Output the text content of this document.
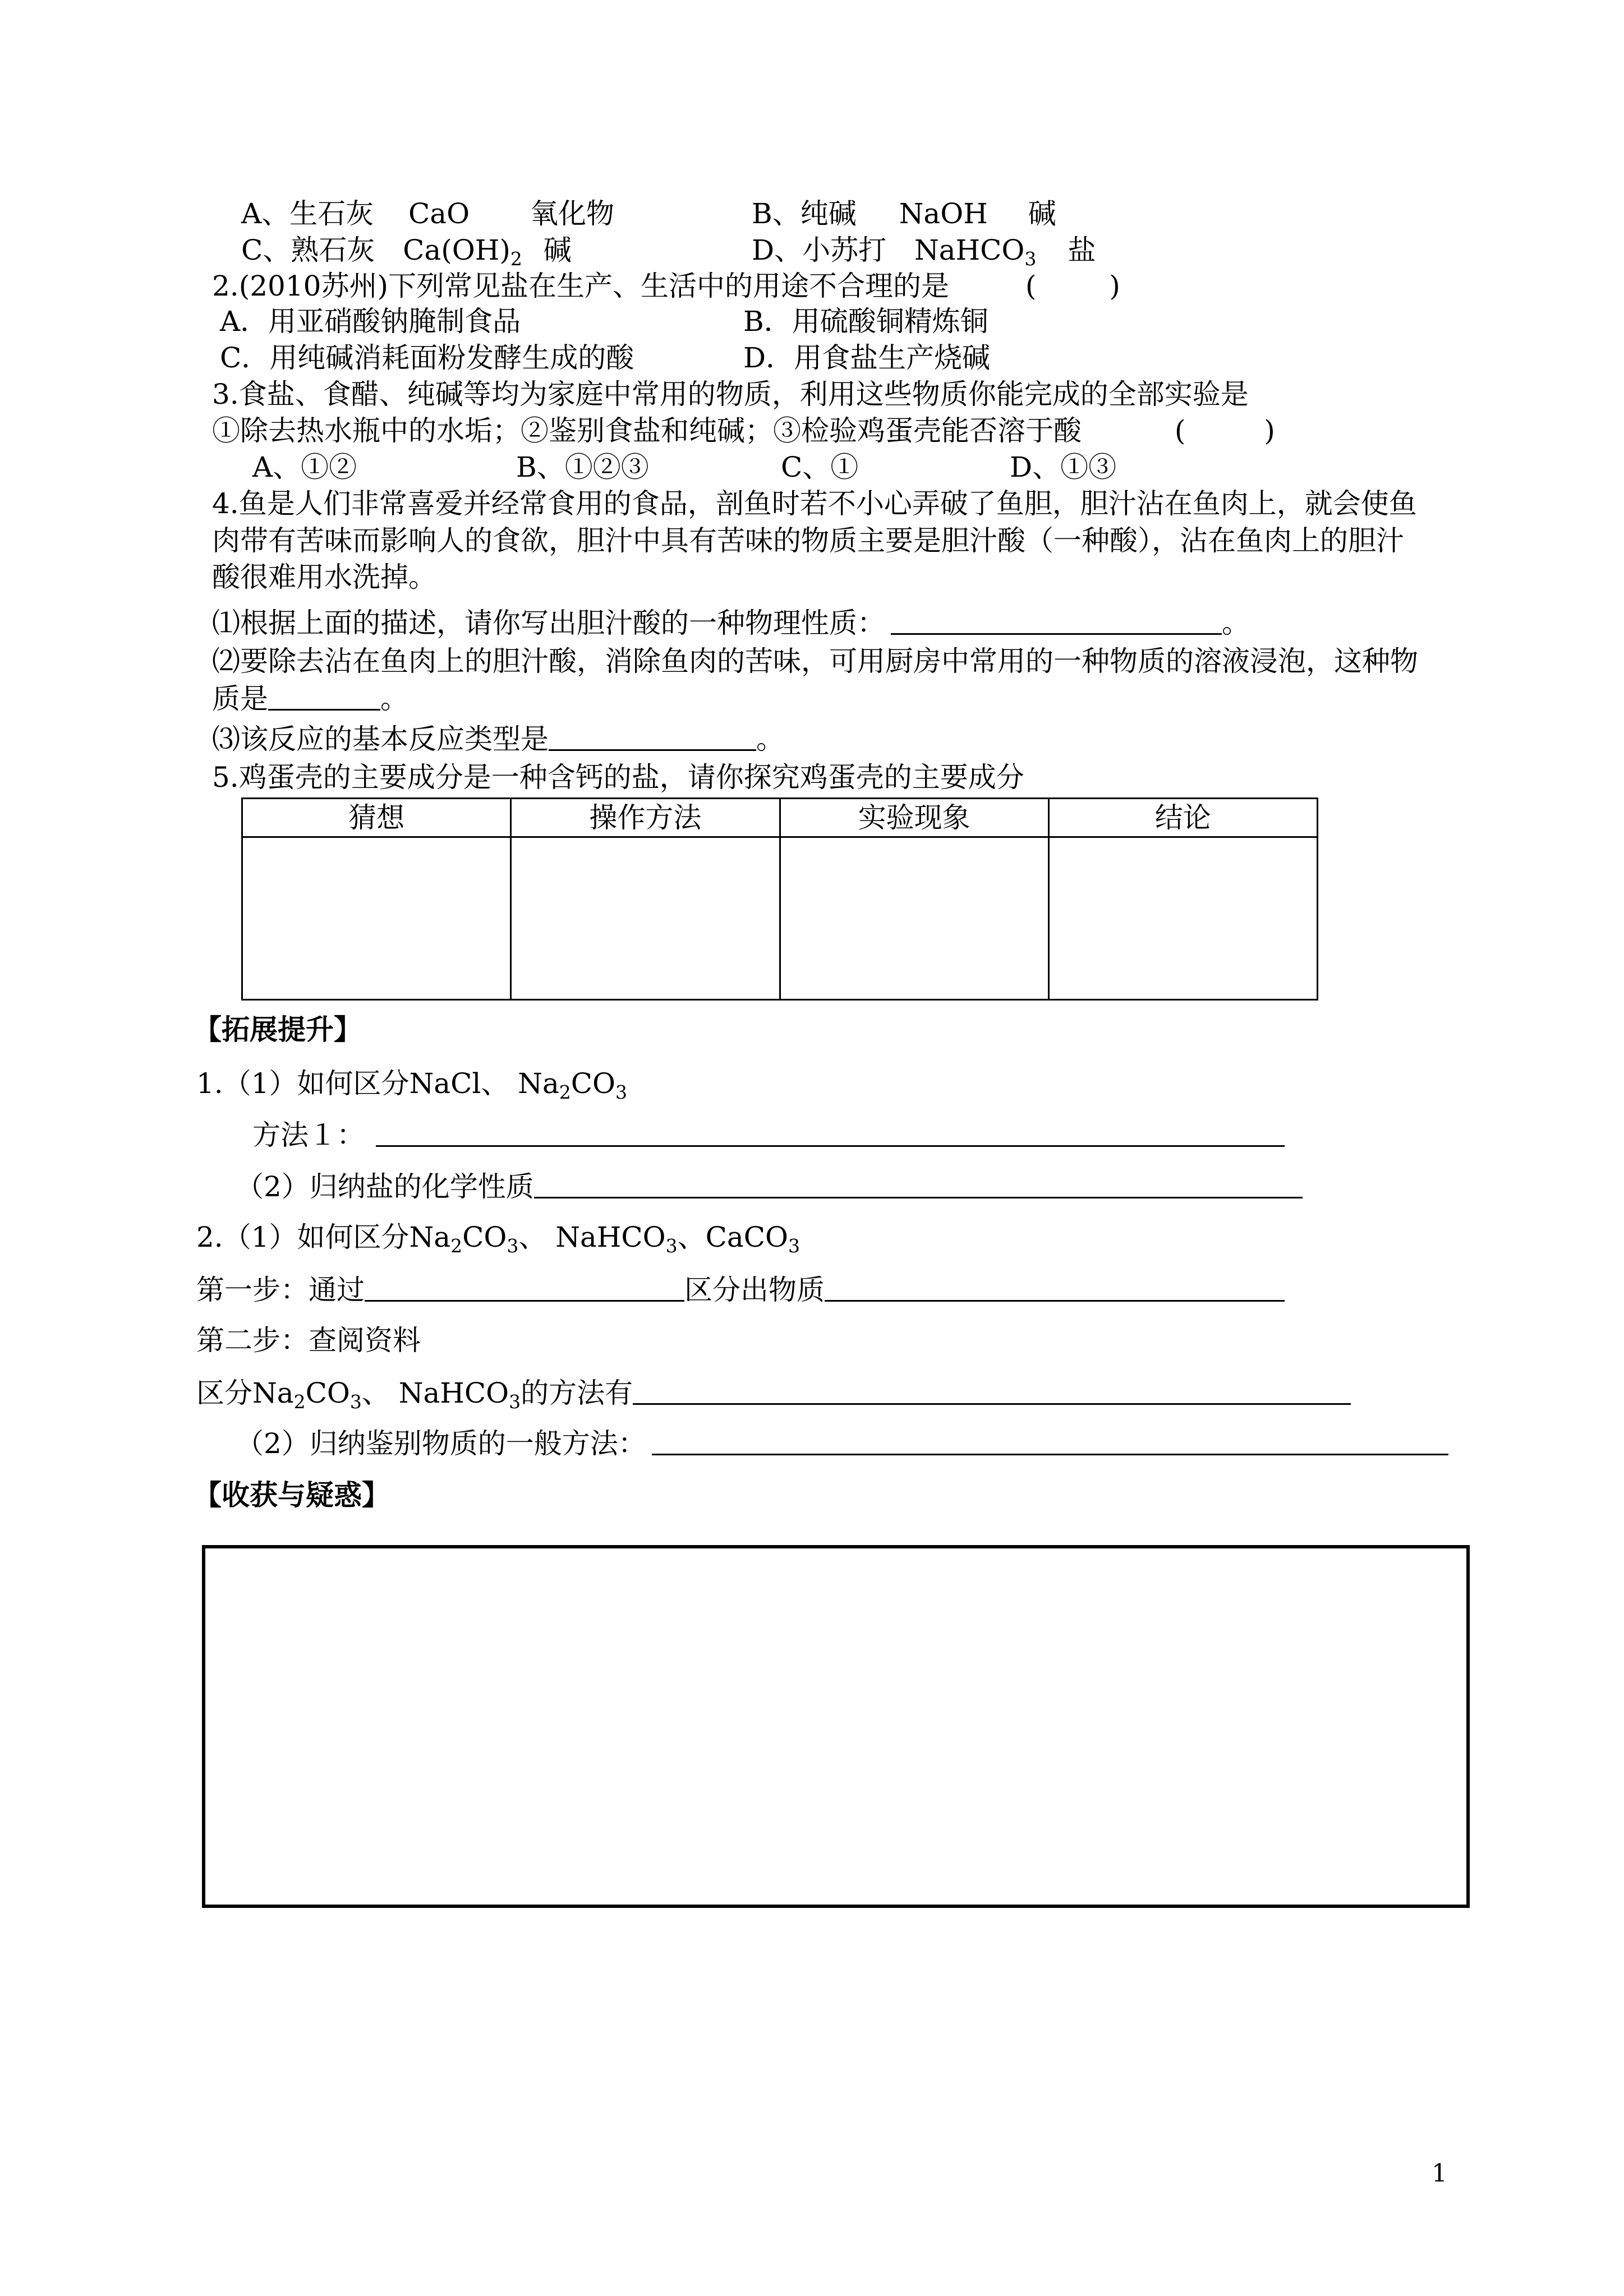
A、生石灰 CaO 氧化物	B、纯碱 NaOH 碱
C、熟石灰 $Ca(OH)_2$ 碱	D、小苏打 NaHCO$_3$ 盐
2.(2010苏州)下列常见盐在生产、生活中的用途不合理的是	(	)
A．用亚硝酸钠腌制食品	B．用硫酸铜精炼铜
C．用纯碱消耗面粉发酵生成的酸	D．用食盐生产烧碱
3.食盐、食醋、纯碱等均为家庭中常用的物质，利用这些物质你能完成的全部实验是
①除去热水瓶中的水垢；②鉴别食盐和纯碱；③检验鸡蛋壳能否溶于酸	(	)
A、①②	B、①②③	C、①	D、①③
4.鱼是人们非常喜爱并经常食用的食品，剖鱼时若不小心弄破了鱼胆，胆汁沾在鱼肉上，就会使鱼
肉带有苦味而影响人的食欲，胆汁中具有苦味的物质主要是胆汁酸（一种酸），沾在鱼肉上的胆汁
酸很难用水洗掉。
⑴根据上面的描述，请你写出胆汁酸的一种物理性质：	。
⑵要除去沾在鱼肉上的胆汁酸，消除鱼肉的苦味，可用厨房中常用的一种物质的溶液浸泡，这种物
质是	。
⑶该反应的基本反应类型是	。
5.鸡蛋壳的主要成分是一种含钙的盐，请你探究鸡蛋壳的主要成分
猜想	操作方法	实验现象	结论

【拓展提升】
1.（1）如何区分NaCl、 $Na_2CO_3$
方法１：
（2）归纳盐的化学性质
2.（1）如何区分$Na_2CO_3$、 NaHCO$_3$、CaCO$_3$
第一步：通过	区分出物质
第二步：查阅资料
区分$Na_2CO_3$、 NaHCO$_3$的方法有
（2）归纳鉴别物质的一般方法：
【收获与疑惑】
1
